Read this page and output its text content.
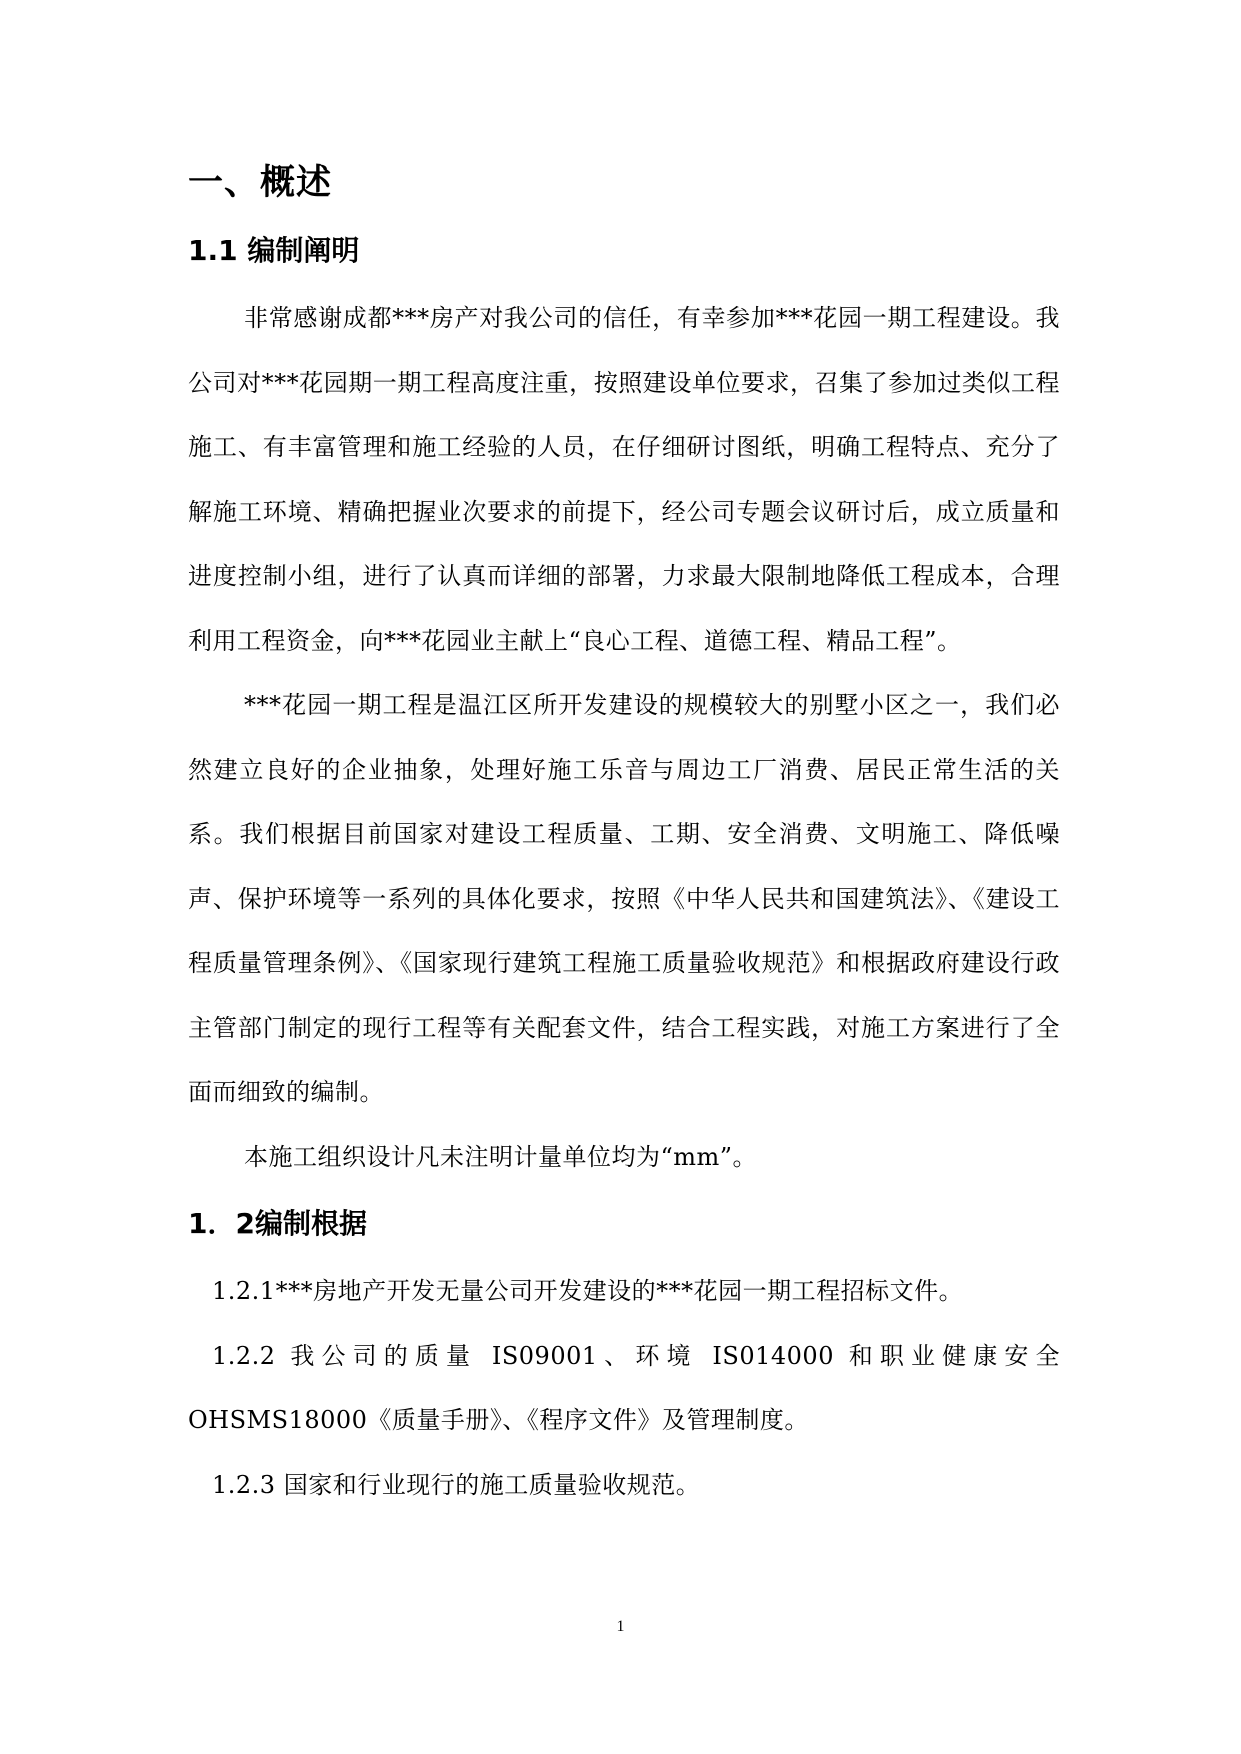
一、概述
1.1 编制阐明

非常感谢成都***房产对我公司的信任，有幸参加***花园一期工程建设。我公司对***花园期一期工程高度注重，按照建设单位要求，召集了参加过类似工程施工、有丰富管理和施工经验的人员，在仔细研讨图纸，明确工程特点、充分了解施工环境、精确把握业次要求的前提下，经公司专题会议研讨后，成立质量和进度控制小组，进行了认真而详细的部署，力求最大限制地降低工程成本，合理利用工程资金，向***花园业主献上“良心工程、道德工程、精品工程”。

***花园一期工程是温江区所开发建设的规模较大的别墅小区之一，我们必然建立良好的企业抽象，处理好施工乐音与周边工厂消费、居民正常生活的关系。我们根据目前国家对建设工程质量、工期、安全消费、文明施工、降低噪声、保护环境等一系列的具体化要求，按照《中华人民共和国建筑法》、《建设工程质量管理条例》、《国家现行建筑工程施工质量验收规范》和根据政府建设行政主管部门制定的现行工程等有关配套文件，结合工程实践，对施工方案进行了全面而细致的编制。

本施工组织设计凡未注明计量单位均为“mm”。

1．2编制根据

1.2.1***房地产开发无量公司开发建设的***花园一期工程招标文件。

1.2.2 我公司的质量 IS09001、环境 IS014000 和职业健康安全 OHSMS18000《质量手册》、《程序文件》及管理制度。

1.2.3 国家和行业现行的施工质量验收规范。

1
